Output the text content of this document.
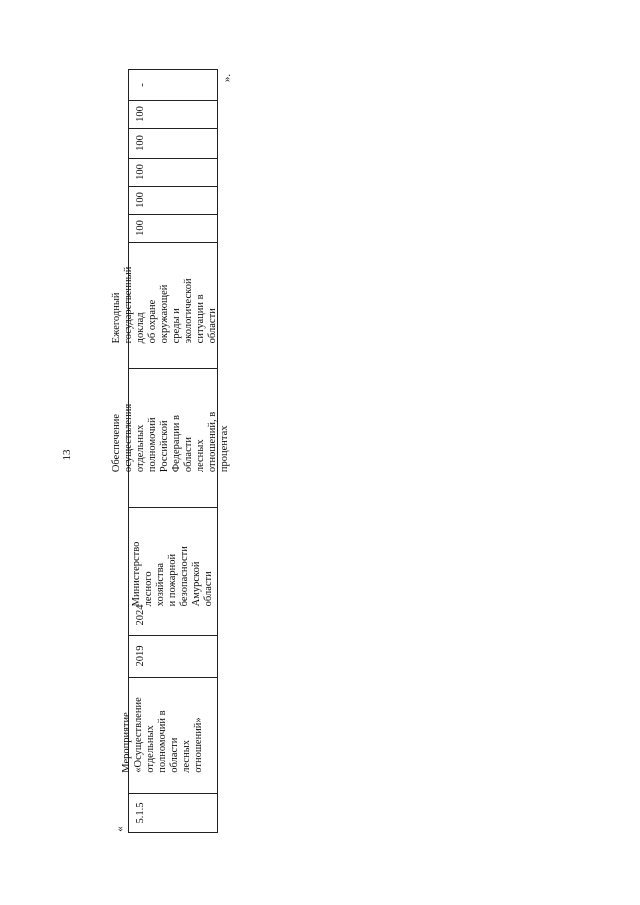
13
«
5.1.5
Мероприятие
«Осуществление
отдельных
полномочий в области
лесных отношений»
2019
2024
Министерство
лесного хозяйства
и пожарной
безопасности
Амурской
области
Обеспечение
осуществления отдельных
полномочий Российской
Федерации в области
лесных отношений, в
процентах
Ежегодный
государственный доклад
об охране окружающей
среды и экологической
ситуации в области
100
100
100
100
100
-
».
